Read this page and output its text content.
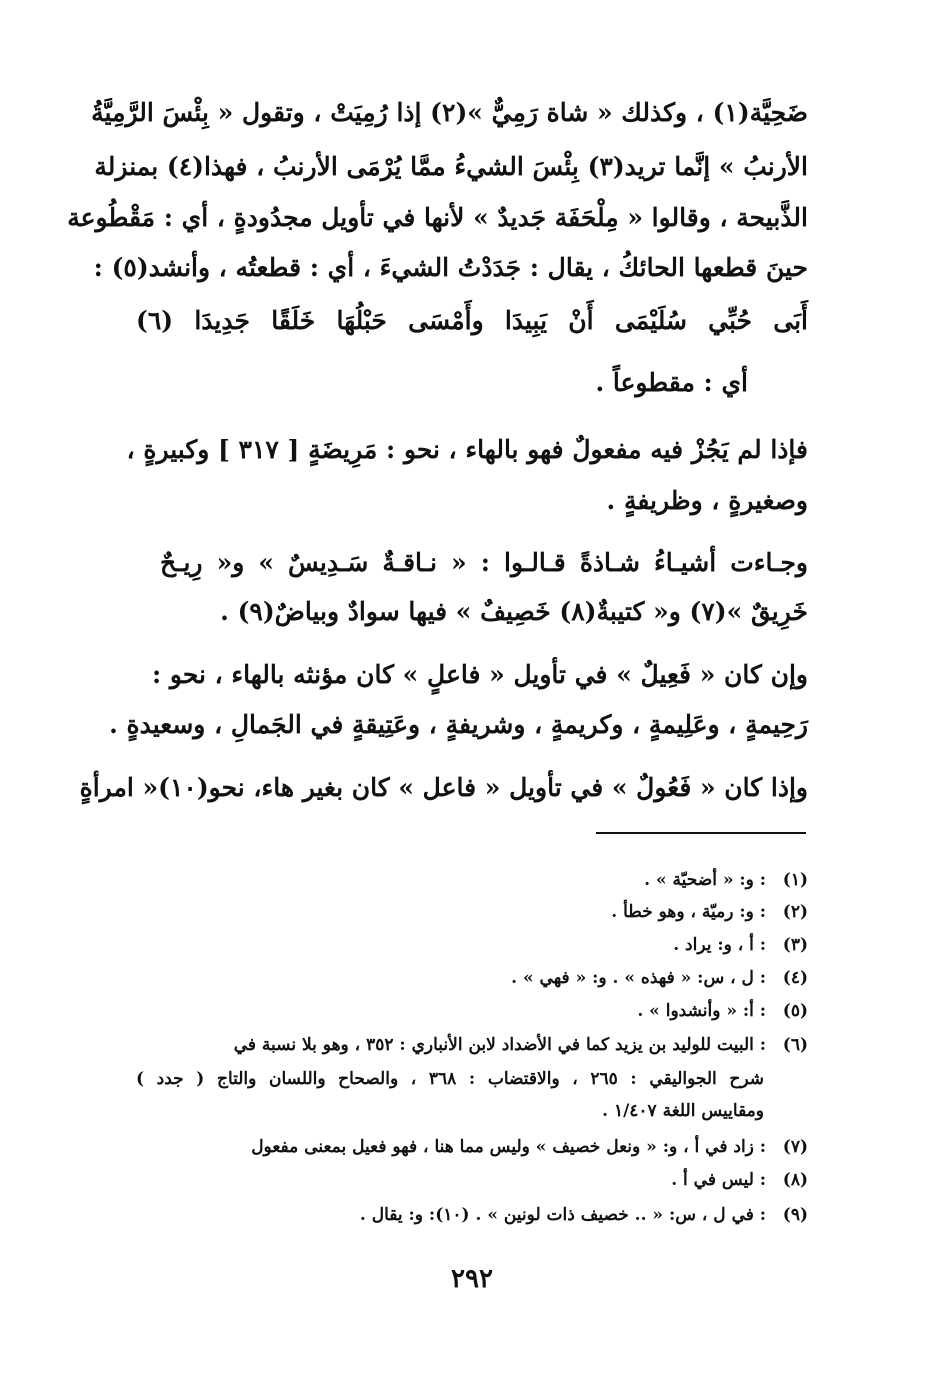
ضَحِيَّة(١) ، وكذلك « شاة رَمِيٌّ »(٢) إذا رُمِيَتْ ، وتقول « بِئْسَ الرَّمِيَّةُ
الأرنبُ » إنَّما تريد(٣) بِئْسَ الشيءُ ممَّا يُرْمَى الأرنبُ ، فهذا(٤) بمنزلة
الذَّبيحة ، وقالوا « مِلْحَفَة جَديدٌ » لأنها في تأويل مجدُودةٍ ، أي : مَقْطُوعة
حينَ قطعها الحائكُ ، يقال : جَدَدْتُ الشيءَ ، أي : قطعتُه ، وأنشد(٥) :
أَبَى حُبِّي سُلَيْمَى أَنْ يَبِيدَا وأَمْسَى حَبْلُهَا خَلَقًا جَدِيدَا (٦)
أي : مقطوعاً .
فإذا لم يَجُزْ فيه مفعولٌ فهو بالهاء ، نحو : مَرِيضَةٍ [ ٣١٧ ] وكبيرةٍ ،
وصغيرةٍ ، وظريفةٍ .
وجـاءت أشيـاءُ شـاذةً قـالـوا : « نـاقـةٌ سَـدِيسٌ » و« رِيـحٌ
خَرِيقٌ »(٧) و« كتيبةٌ(٨) خَصِيفٌ » فيها سوادٌ وبياضٌ(٩) .
وإن كان « فَعِيلٌ » في تأويل « فاعلٍ » كان مؤنثه بالهاء ، نحو :
رَحِيمةٍ ، وعَلِيمةٍ ، وكريمةٍ ، وشريفةٍ ، وعَتِيقةٍ في الجَمالِ ، وسعيدةٍ .
وإذا كان « فَعُولٌ » في تأويل « فاعل » كان بغير هاء، نحو(١٠)« امرأةٍ
(١) : و: « أضحيّة » .
(٢) : و: رميّة ، وهو خطأ .
(٣) : أ ، و: يراد .
(٤) : ل ، س: « فهذه » . و: « فهي » .
(٥) : أ: « وأنشدوا » .
(٦) : البيت للوليد بن يزيد كما في الأضداد لابن الأنباري : ٣٥٢ ، وهو بلا نسبة في
شرح الجواليقي : ٢٦٥ ، والاقتضاب : ٣٦٨ ، والصحاح واللسان والتاج ( جدد )
ومقاييس اللغة ١/٤٠٧ .
(٧) : زاد في أ ، و: « ونعل خصيف » وليس مما هنا ، فهو فعيل بمعنى مفعول
(٨) : ليس في أ .
(٩) : في ل ، س: « .. خصيف ذات لونين » . (١٠): و: يقال .
٢٩٢
